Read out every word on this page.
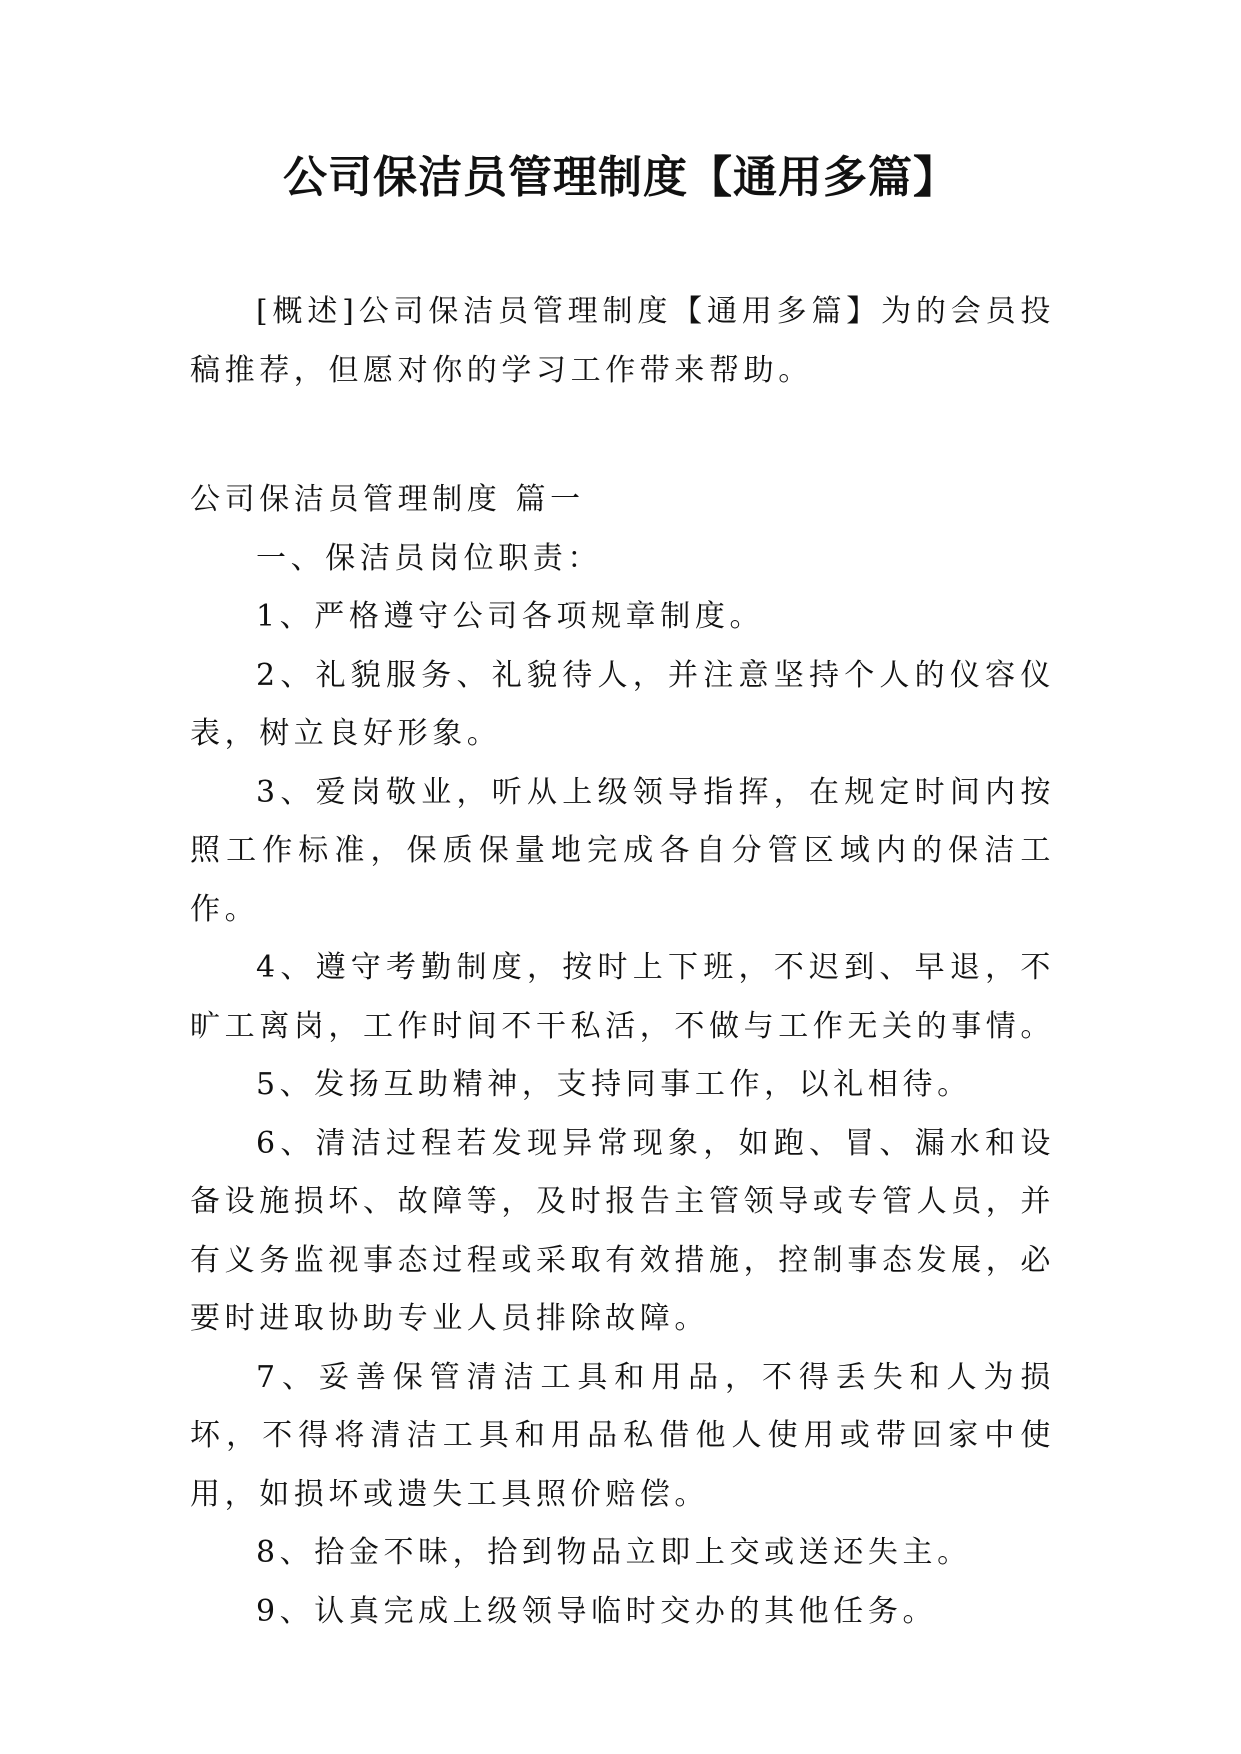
公司保洁员管理制度【通用多篇】

[概述]公司保洁员管理制度【通用多篇】为的会员投稿推荐，但愿对你的学习工作带来帮助。

公司保洁员管理制度 篇一

一、保洁员岗位职责：

1、严格遵守公司各项规章制度。

2、礼貌服务、礼貌待人，并注意坚持个人的仪容仪表，树立良好形象。

3、爱岗敬业，听从上级领导指挥，在规定时间内按照工作标准，保质保量地完成各自分管区域内的保洁工作。

4、遵守考勤制度，按时上下班，不迟到、早退，不旷工离岗，工作时间不干私活，不做与工作无关的事情。

5、发扬互助精神，支持同事工作，以礼相待。

6、清洁过程若发现异常现象，如跑、冒、漏水和设备设施损坏、故障等，及时报告主管领导或专管人员，并有义务监视事态过程或采取有效措施，控制事态发展，必要时进取协助专业人员排除故障。

7、妥善保管清洁工具和用品，不得丢失和人为损坏，不得将清洁工具和用品私借他人使用或带回家中使用，如损坏或遗失工具照价赔偿。

8、拾金不昧，拾到物品立即上交或送还失主。

9、认真完成上级领导临时交办的其他任务。
